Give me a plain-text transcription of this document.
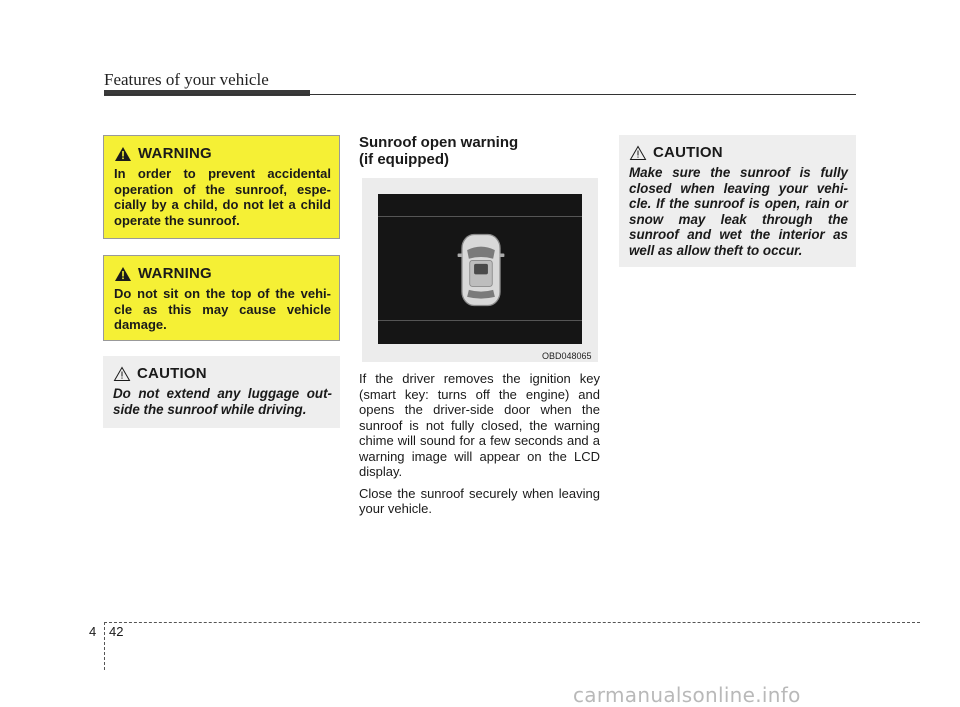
Features of your vehicle
WARNING
In order to prevent accidental operation of the sunroof, espe-cially by a child, do not let a child operate the sunroof.
WARNING
Do not sit on the top of the vehi-cle as this may cause vehicle damage.
CAUTION
Do not extend any luggage out-side the sunroof while driving.
Sunroof open warning
(if equipped)
OBD048065

If the driver removes the ignition key (smart key: turns off the engine) and opens the driver-side door when the sunroof is not fully closed, the warning chime will sound for a few seconds and a warning image will appear on the LCD display.

Close the sunroof securely when leaving your vehicle.

CAUTION
Make sure the sunroof is fully closed when leaving your vehi-cle. If the sunroof is open, rain or snow may leak through the sunroof and wet the interior as well as allow theft to occur.
4 42
carmanualsonline.info
